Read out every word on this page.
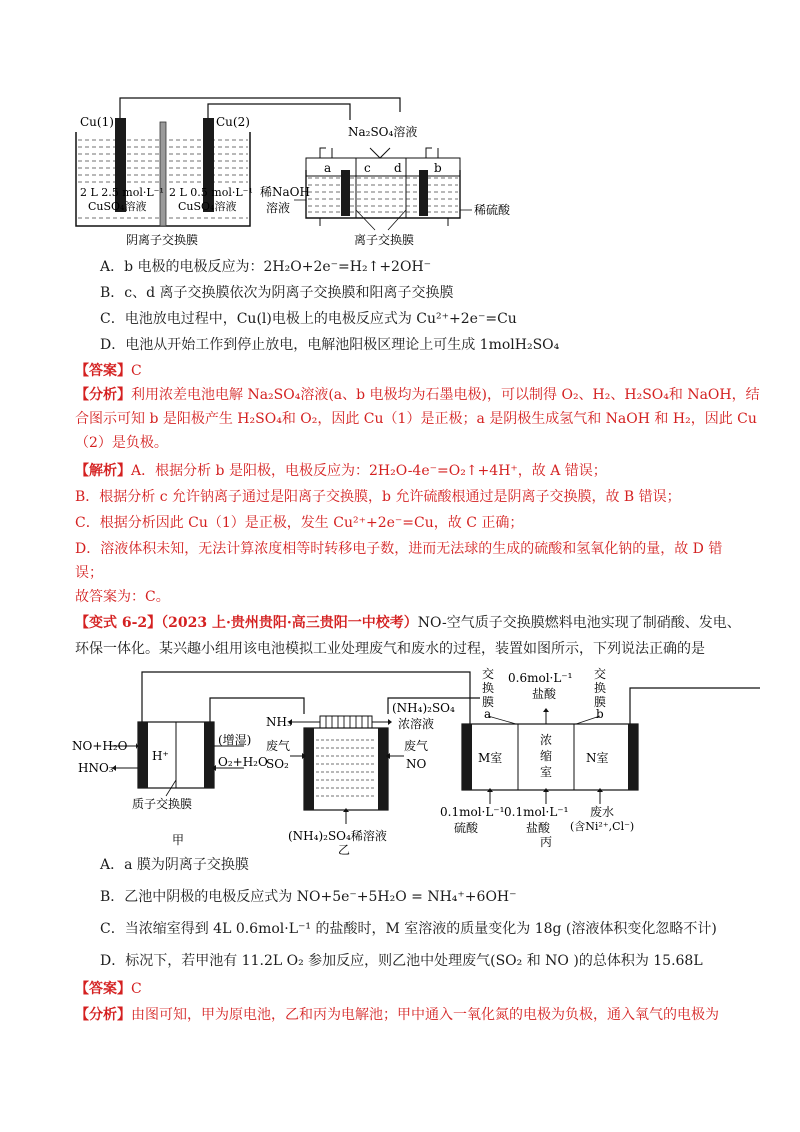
Cu(1)	Cu(2)
2 L 2.5 mol·L⁻¹
CuSO₄溶液
2 L 0.5 mol·L⁻¹
CuSO₄溶液
阴离子交换膜
Na₂SO₄溶液
a	c d	b
稀NaOH
溶液	稀硫酸
离子交换膜
A．b 电极的电极反应为：2H₂O+2e⁻=H₂↑+2OH⁻
B．c、d 离子交换膜依次为阴离子交换膜和阳离子交换膜
C．电池放电过程中，Cu(l)电极上的电极反应式为 Cu²⁺+2e⁻=Cu
D．电池从开始工作到停止放电，电解池阳极区理论上可生成 1molH₂SO₄
【答案】C
【分析】利用浓差电池电解 Na₂SO₄溶液(a、b 电极均为石墨电极)，可以制得 O₂、H₂、H₂SO₄和 NaOH，结
合图示可知 b 是阳极产生 H₂SO₄和 O₂，因此 Cu（1）是正极；a 是阴极生成氢气和 NaOH 和 H₂，因此 Cu
（2）是负极。
【解析】A．根据分析 b 是阳极，电极反应为：2H₂O-4e⁻=O₂↑+4H⁺，故 A 错误；
B．根据分析 c 允许钠离子通过是阳离子交换膜，b 允许硫酸根通过是阴离子交换膜，故 B 错误；
C．根据分析因此 Cu（1）是正极，发生 Cu²⁺+2e⁻=Cu，故 C 正确；
D．溶液体积未知，无法计算浓度相等时转移电子数，进而无法球的生成的硫酸和氢氧化钠的量，故 D 错
误；
故答案为：C。
【变式 6-2】（2023 上·贵州贵阳·高三贵阳一中校考）NO-空气质子交换膜燃料电池实现了制硝酸、发电、
环保一体化。某兴趣小组用该电池模拟工业处理废气和废水的过程，装置如图所示，下列说法正确的是
NO+H₂O
HNO₃
H⁺
(增湿)
O₂+H₂O
质子交换膜
甲
NH₃
废气
SO₂
(NH₄)₂SO₄
浓溶液
废气
NO
(NH₄)₂SO₄稀溶液
乙
交
换
膜
a
0.6mol·L⁻¹
盐酸
交
换
膜
b
M室
浓
缩
室
N室
0.1mol·L⁻¹
硫酸
0.1mol·L⁻¹
盐酸
废水
(含Ni²⁺,Cl⁻)
丙
A．a 膜为阴离子交换膜
B．乙池中阴极的电极反应式为 NO+5e⁻+5H₂O = NH₄⁺+6OH⁻
C．当浓缩室得到 4L 0.6mol·L⁻¹ 的盐酸时，M 室溶液的质量变化为 18g (溶液体积变化忽略不计)
D．标况下，若甲池有 11.2L O₂ 参加反应，则乙池中处理废气(SO₂ 和 NO )的总体积为 15.68L
【答案】C
【分析】由图可知，甲为原电池，乙和丙为电解池；甲中通入一氧化氮的电极为负极，通入氧气的电极为
